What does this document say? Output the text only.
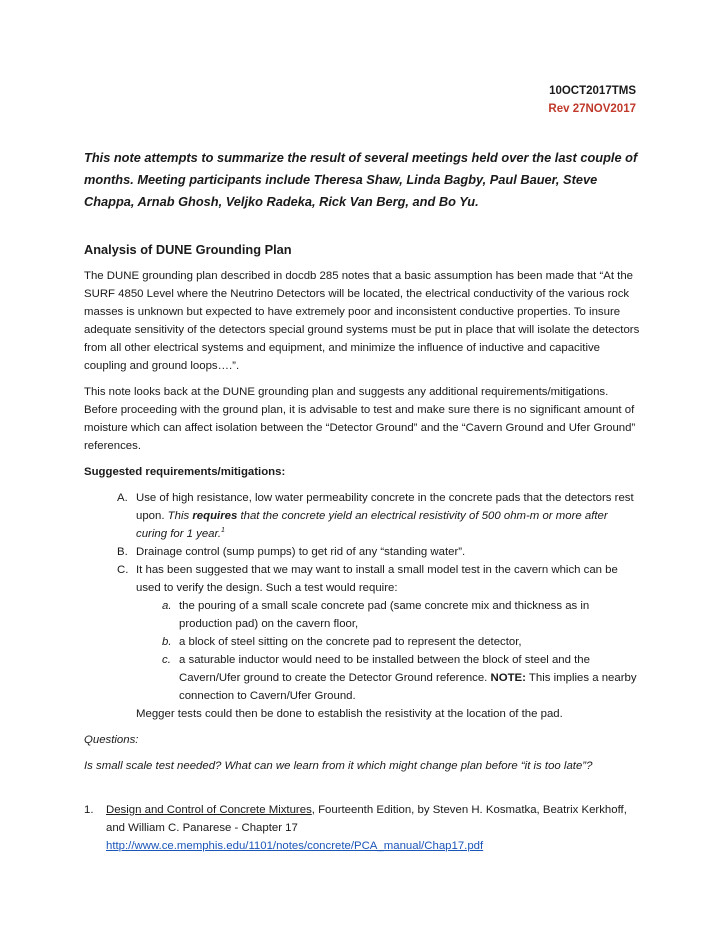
10OCT2017TMS
Rev 27NOV2017
This note attempts to summarize the result of several meetings held over the last couple of months. Meeting participants include Theresa Shaw, Linda Bagby, Paul Bauer, Steve Chappa, Arnab Ghosh, Veljko Radeka, Rick Van Berg, and Bo Yu.
Analysis of DUNE Grounding Plan

The DUNE grounding plan described in docdb 285 notes that a basic assumption has been made that “At the SURF 4850 Level where the Neutrino Detectors will be located, the electrical conductivity of the various rock masses is unknown but expected to have extremely poor and inconsistent conductive properties. To insure adequate sensitivity of the detectors special ground systems must be put in place that will isolate the detectors from all other electrical systems and equipment, and minimize the influence of inductive and capacitive coupling and ground loops….”.

This note looks back at the DUNE grounding plan and suggests any additional requirements/mitigations. Before proceeding with the ground plan, it is advisable to test and make sure there is no significant amount of moisture which can affect isolation between the “Detector Ground” and the “Cavern Ground and Ufer Ground” references.

Suggested requirements/mitigations:

A. Use of high resistance, low water permeability concrete in the concrete pads that the detectors rest upon. This requires that the concrete yield an electrical resistivity of 500 ohm-m or more after curing for 1 year.$^1$
B. Drainage control (sump pumps) to get rid of any “standing water”.
C. It has been suggested that we may want to install a small model test in the cavern which can be used to verify the design. Such a test would require:
a. the pouring of a small scale concrete pad (same concrete mix and thickness as in production pad) on the cavern floor,
b. a block of steel sitting on the concrete pad to represent the detector,
c. a saturable inductor would need to be installed between the block of steel and the Cavern/Ufer ground to create the Detector Ground reference. NOTE: This implies a nearby connection to Cavern/Ufer Ground.
Megger tests could then be done to establish the resistivity at the location of the pad.

Questions:

Is small scale test needed? What can we learn from it which might change plan before “it is too late”?

1. Design and Control of Concrete Mixtures, Fourteenth Edition, by Steven H. Kosmatka, Beatrix Kerkhoff, and William C. Panarese - Chapter 17
http://www.ce.memphis.edu/1101/notes/concrete/PCA_manual/Chap17.pdf
